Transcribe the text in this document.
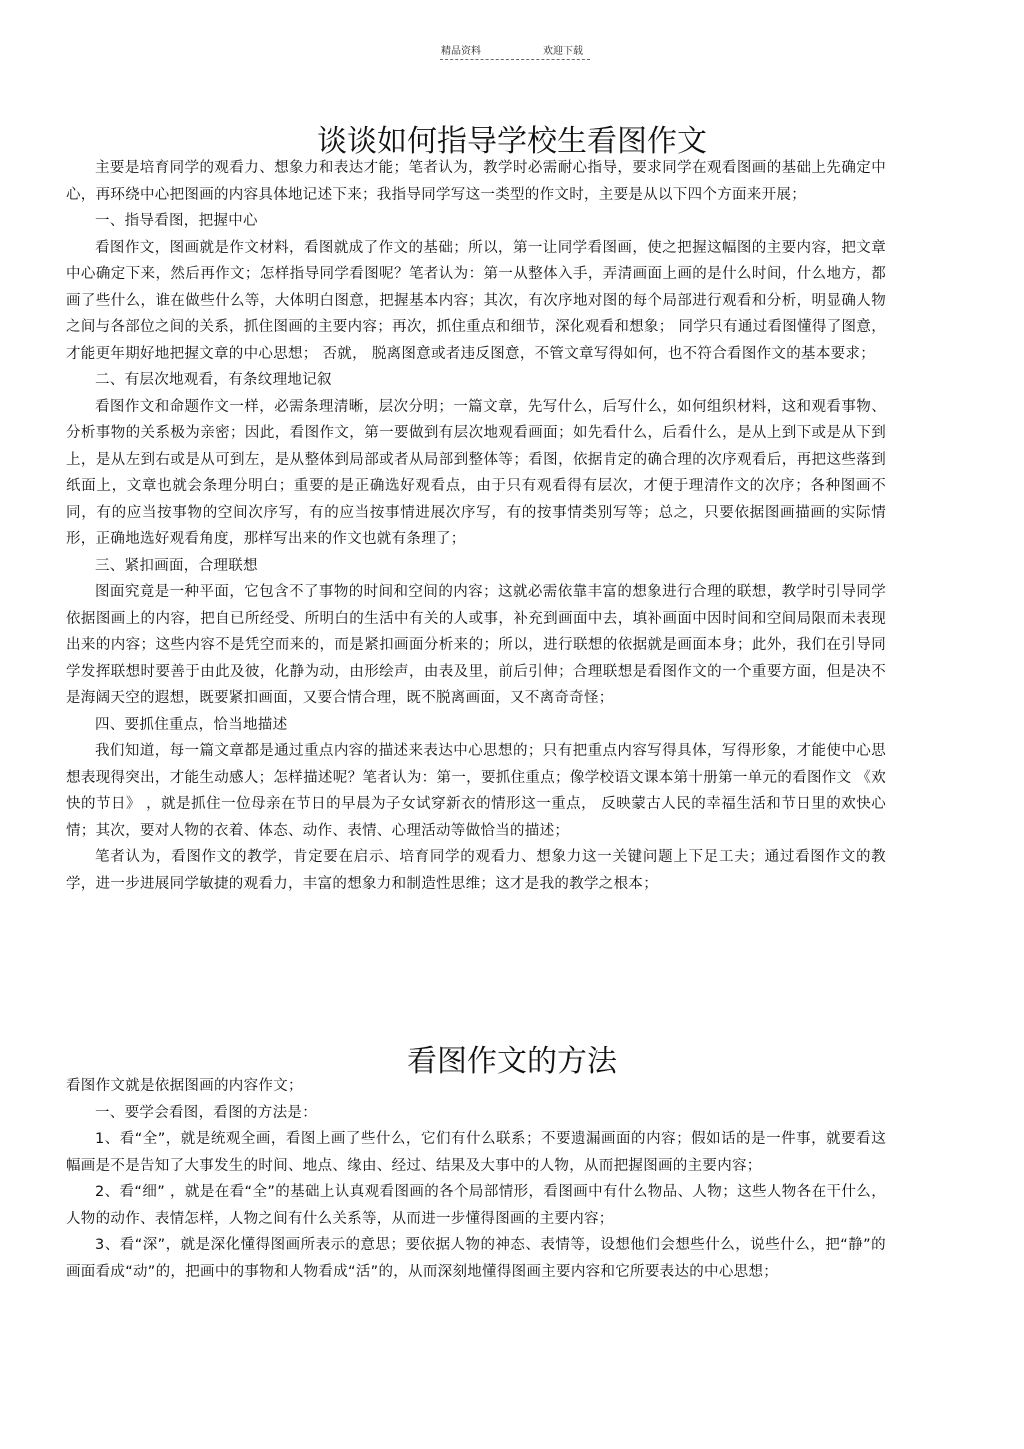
精品资料	欢迎下载
谈谈如何指导学校生看图作文

主要是培育同学的观看力、想象力和表达才能；笔者认为，教学时必需耐心指导，要求同学在观看图画的基础上先确定中心，再环绕中心把图画的内容具体地记述下来；我指导同学写这一类型的作文时，主要是从以下四个方面来开展；

一、指导看图，把握中心

看图作文，图画就是作文材料，看图就成了作文的基础；所以，第一让同学看图画，使之把握这幅图的主要内容，把文章中心确定下来，然后再作文；怎样指导同学看图呢？笔者认为：第一从整体入手，弄清画面上画的是什么时间，什么地方，都画了些什么，谁在做些什么等，大体明白图意，把握基本内容；其次，有次序地对图的每个局部进行观看和分析，明显确人物之间与各部位之间的关系，抓住图画的主要内容；再次，抓住重点和细节，深化观看和想象； 同学只有通过看图懂得了图意， 才能更年期好地把握文章的中心思想； 否就， 脱离图意或者违反图意，不管文章写得如何，也不符合看图作文的基本要求；

二、有层次地观看，有条纹理地记叙

看图作文和命题作文一样，必需条理清晰，层次分明；一篇文章，先写什么，后写什么，如何组织材料，这和观看事物、分析事物的关系极为亲密；因此，看图作文，第一要做到有层次地观看画面；如先看什么，后看什么，是从上到下或是从下到上，是从左到右或是从可到左，是从整体到局部或者从局部到整体等；看图，依据肯定的确合理的次序观看后，再把这些落到纸面上，文章也就会条理分明白；重要的是正确选好观看点，由于只有观看得有层次，才便于理清作文的次序；各种图画不同，有的应当按事物的空间次序写，有的应当按事情进展次序写，有的按事情类别写等；总之，只要依据图画描画的实际情形，正确地选好观看角度，那样写出来的作文也就有条理了；

三、紧扣画面，合理联想

图面究竟是一种平面，它包含不了事物的时间和空间的内容；这就必需依靠丰富的想象进行合理的联想，教学时引导同学依据图画上的内容，把自已所经受、所明白的生活中有关的人或事，补充到画面中去，填补画面中因时间和空间局限而未表现出来的内容；这些内容不是凭空而来的，而是紧扣画面分析来的；所以，进行联想的依据就是画面本身；此外，我们在引导同学发挥联想时要善于由此及彼，化静为动，由形绘声，由表及里，前后引伸；合理联想是看图作文的一个重要方面，但是决不是海阔天空的遐想，既要紧扣画面，又要合情合理，既不脱离画面，又不离奇奇怪；

四、要抓住重点，恰当地描述

我们知道，每一篇文章都是通过重点内容的描述来表达中心思想的；只有把重点内容写得具体，写得形象，才能使中心思想表现得突出，才能生动感人；怎样描述呢？笔者认为：第一，要抓住重点；像学校语文课本第十册第一单元的看图作文 《欢快的节日》 ，就是抓住一位母亲在节日的早晨为子女试穿新衣的情形这一重点， 反映蒙古人民的幸福生活和节日里的欢快心情；其次，要对人物的衣着、体态、动作、表情、心理活动等做恰当的描述；

笔者认为，看图作文的教学，肯定要在启示、培育同学的观看力、想象力这一关键问题上下足工夫；通过看图作文的教学，进一步进展同学敏捷的观看力，丰富的想象力和制造性思维；这才是我的教学之根本；

看图作文的方法

看图作文就是依据图画的内容作文；

一、要学会看图，看图的方法是：

1、看“全”，就是统观全画，看图上画了些什么，它们有什么联系；不要遗漏画面的内容；假如话的是一件事，就要看这幅画是不是告知了大事发生的时间、地点、缘由、经过、结果及大事中的人物，从而把握图画的主要内容；

2、看“细” ，就是在看“全”的基础上认真观看图画的各个局部情形，看图画中有什么物品、人物；这些人物各在干什么，人物的动作、表情怎样，人物之间有什么关系等，从而进一步懂得图画的主要内容；

3、看“深”，就是深化懂得图画所表示的意思；要依据人物的神态、表情等，设想他们会想些什么，说些什么，把“静”的画面看成“动”的，把画中的事物和人物看成“活”的，从而深刻地懂得图画主要内容和它所要表达的中心思想；
